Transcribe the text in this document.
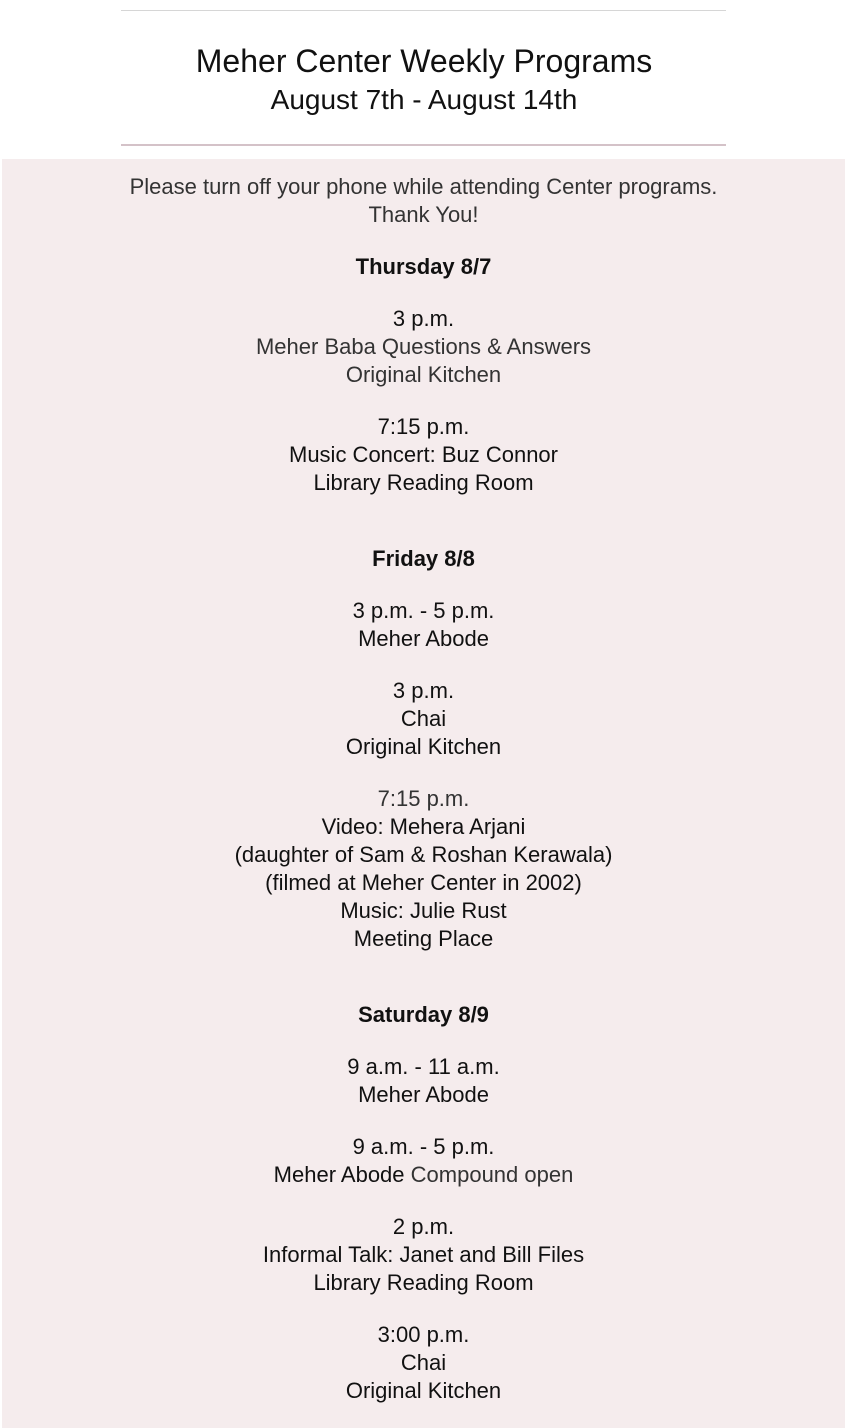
Meher Center Weekly Programs
August 7th - August 14th
Please turn off your phone while attending Center programs.
Thank You!
Thursday 8/7
3 p.m.
Meher Baba Questions & Answers
Original Kitchen
7:15 p.m.
Music Concert: Buz Connor
Library Reading Room
Friday 8/8
3 p.m. - 5 p.m.
Meher Abode
3 p.m.
Chai
Original Kitchen
7:15 p.m.
Video: Mehera Arjani
(daughter of Sam & Roshan Kerawala)
(filmed at Meher Center in 2002)
Music: Julie Rust
Meeting Place
Saturday 8/9
9 a.m. - 11 a.m.
Meher Abode
9 a.m. - 5 p.m.
Meher Abode Compound open
2 p.m.
Informal Talk: Janet and Bill Files
Library Reading Room
3:00 p.m.
Chai
Original Kitchen
